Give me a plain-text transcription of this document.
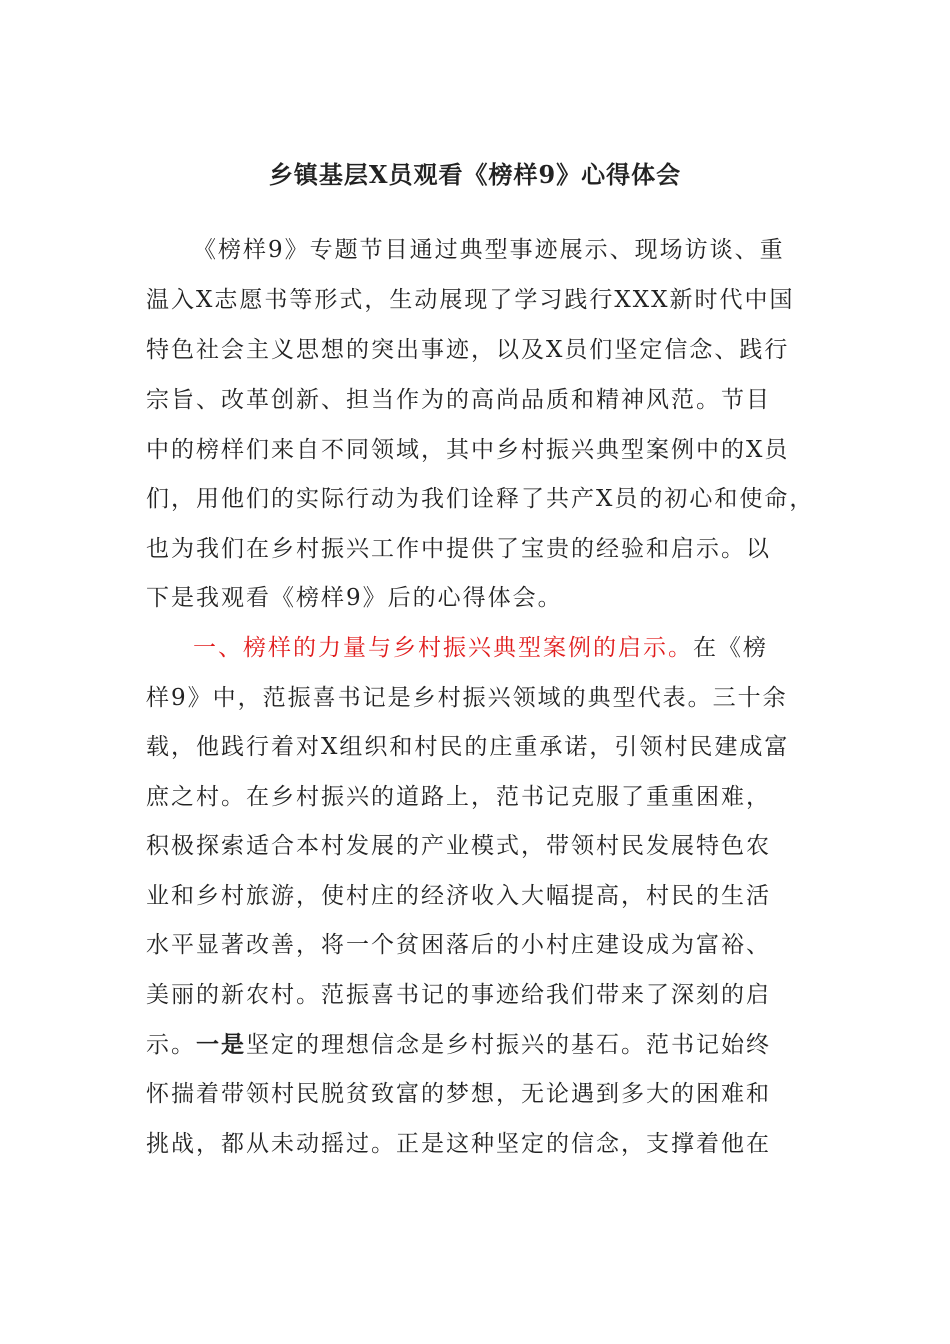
乡镇基层X员观看《榜样9》心得体会
《榜样9》专题节目通过典型事迹展示、现场访谈、重
温入X志愿书等形式，生动展现了学习践行XXX新时代中国
特色社会主义思想的突出事迹，以及X员们坚定信念、践行
宗旨、改革创新、担当作为的高尚品质和精神风范。节目
中的榜样们来自不同领域，其中乡村振兴典型案例中的X员
们，用他们的实际行动为我们诠释了共产X员的初心和使命，
也为我们在乡村振兴工作中提供了宝贵的经验和启示。以
下是我观看《榜样9》后的心得体会。
一、榜样的力量与乡村振兴典型案例的启示。在《榜
样9》中，范振喜书记是乡村振兴领域的典型代表。三十余
载，他践行着对X组织和村民的庄重承诺，引领村民建成富
庶之村。在乡村振兴的道路上，范书记克服了重重困难，
积极探索适合本村发展的产业模式，带领村民发展特色农
业和乡村旅游，使村庄的经济收入大幅提高，村民的生活
水平显著改善，将一个贫困落后的小村庄建设成为富裕、
美丽的新农村。范振喜书记的事迹给我们带来了深刻的启
示。一是坚定的理想信念是乡村振兴的基石。范书记始终
怀揣着带领村民脱贫致富的梦想，无论遇到多大的困难和
挑战，都从未动摇过。正是这种坚定的信念，支撑着他在
